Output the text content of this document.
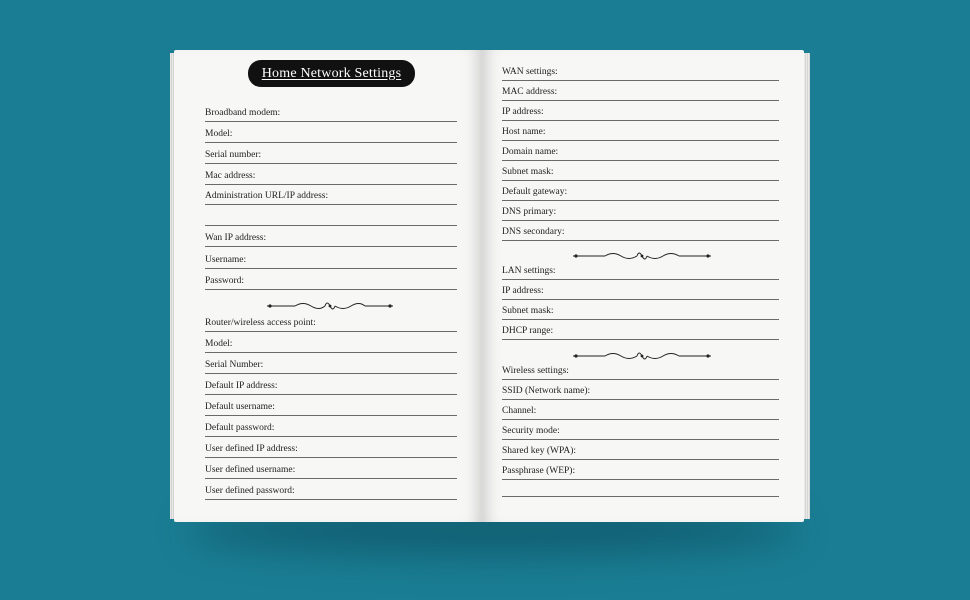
Home Network Settings
Broadband modem:
Model:
Serial number:
Mac address:
Administration URL/IP address:
Wan IP address:
Username:
Password:
Router/wireless access point:
Model:
Serial Number:
Default IP address:
Default username:
Default password:
User defined IP address:
User defined username:
User defined password:
WAN settings:
MAC address:
IP address:
Host name:
Domain name:
Subnet mask:
Default gateway:
DNS primary:
DNS secondary:
LAN settings:
IP address:
Subnet mask:
DHCP range:
Wireless settings:
SSID (Network name):
Channel:
Security mode:
Shared key (WPA):
Passphrase (WEP):
